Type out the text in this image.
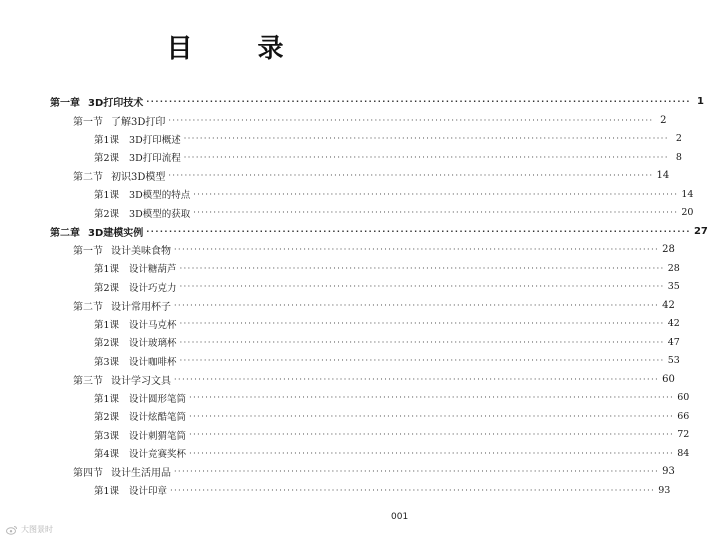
目 录
第一章 3D打印技术 ························································································································ 1
第一节 了解3D打印 ························································································································ 2
第1课 3D打印概述 ························································································································ 2
第2课 3D打印流程 ························································································································ 8
第二节 初识3D模型 ························································································································ 14
第1课 3D模型的特点 ························································································································ 14
第2课 3D模型的获取 ························································································································ 20
第二章 3D建模实例 ························································································································ 27
第一节 设计美味食物 ························································································································ 28
第1课 设计糖葫芦 ························································································································ 28
第2课 设计巧克力 ························································································································ 35
第二节 设计常用杯子 ························································································································ 42
第1课 设计马克杯 ························································································································ 42
第2课 设计玻璃杯 ························································································································ 47
第3课 设计咖啡杯 ························································································································ 53
第三节 设计学习文具 ························································································································ 60
第1课 设计圆形笔筒 ························································································································ 60
第2课 设计炫酷笔筒 ························································································································ 66
第3课 设计刺猬笔筒 ························································································································ 72
第4课 设计竞赛奖杯 ························································································································ 84
第四节 设计生活用品 ························································································································ 93
第1课 设计印章 ························································································································ 93
001
大图景时
